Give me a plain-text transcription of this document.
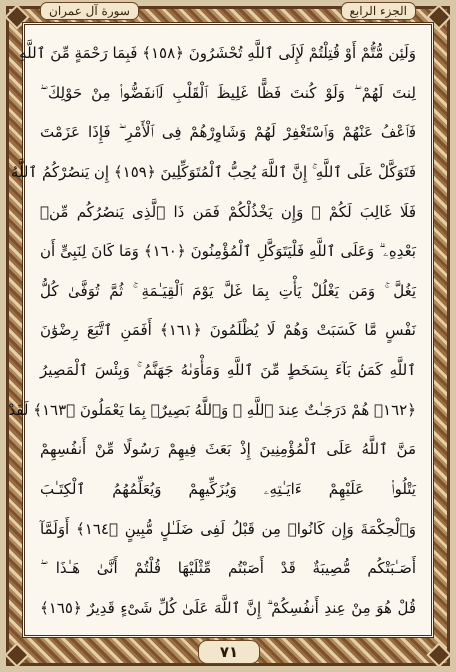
سورة آل عمران	الجزء الرابع
وَلَئِن مُّتُّمْ أَوْ قُتِلْتُمْ لَإِلَى ٱللَّهِ تُحْشَرُونَ ﴿١٥٨﴾ فَبِمَا رَحْمَةٍ مِّنَ ٱللَّهِ
لِنتَ لَهُمْ ۖ وَلَوْ كُنتَ فَظًّا غَلِيظَ ٱلْقَلْبِ لَٱنفَضُّوا۟ مِنْ حَوْلِكَ ۖ
فَٱعْفُ عَنْهُمْ وَٱسْتَغْفِرْ لَهُمْ وَشَاوِرْهُمْ فِى ٱلْأَمْرِ ۖ فَإِذَا عَزَمْتَ
فَتَوَكَّلْ عَلَى ٱللَّهِ ۚ إِنَّ ٱللَّهَ يُحِبُّ ٱلْمُتَوَكِّلِينَ ﴿١٥٩﴾ إِن يَنصُرْكُمُ ٱللَّهُ
فَلَا غَالِبَ لَكُمْ ۖ وَإِن يَخْذُلْكُمْ فَمَن ذَا ٱلَّذِى يَنصُرُكُم مِّنۢ
بَعْدِهِۦ ۗ وَعَلَى ٱللَّهِ فَلْيَتَوَكَّلِ ٱلْمُؤْمِنُونَ ﴿١٦٠﴾ وَمَا كَانَ لِنَبِىٍّ أَن
يَغُلَّ ۚ وَمَن يَغْلُلْ يَأْتِ بِمَا غَلَّ يَوْمَ ٱلْقِيَـٰمَةِ ۚ ثُمَّ تُوَفَّىٰ كُلُّ
نَفْسٍ مَّا كَسَبَتْ وَهُمْ لَا يُظْلَمُونَ ﴿١٦١﴾ أَفَمَنِ ٱتَّبَعَ رِضْوَٰنَ
ٱللَّهِ كَمَنۢ بَآءَ بِسَخَطٍ مِّنَ ٱللَّهِ وَمَأْوَىٰهُ جَهَنَّمُ ۚ وَبِئْسَ ٱلْمَصِيرُ
﴿١٦٢﴾ هُمْ دَرَجَـٰتٌ عِندَ ٱللَّهِ ۗ وَٱللَّهُ بَصِيرٌۢ بِمَا يَعْمَلُونَ ﴿١٦٣﴾ لَقَدْ
مَنَّ ٱللَّهُ عَلَى ٱلْمُؤْمِنِينَ إِذْ بَعَثَ فِيهِمْ رَسُولًا مِّنْ أَنفُسِهِمْ
يَتْلُوا۟ عَلَيْهِمْ ءَايَـٰتِهِۦ وَيُزَكِّيهِمْ وَيُعَلِّمُهُمُ ٱلْكِتَـٰبَ
وَٱلْحِكْمَةَ وَإِن كَانُوا۟ مِن قَبْلُ لَفِى ضَلَـٰلٍ مُّبِينٍ ﴿١٦٤﴾ أَوَلَمَّآ
أَصَـٰبَتْكُم مُّصِيبَةٌ قَدْ أَصَبْتُم مِّثْلَيْهَا قُلْتُمْ أَنَّىٰ هَـٰذَا ۖ
قُلْ هُوَ مِنْ عِندِ أَنفُسِكُمْ ۗ إِنَّ ٱللَّهَ عَلَىٰ كُلِّ شَىْءٍ قَدِيرٌ ﴿١٦٥﴾
٧١
